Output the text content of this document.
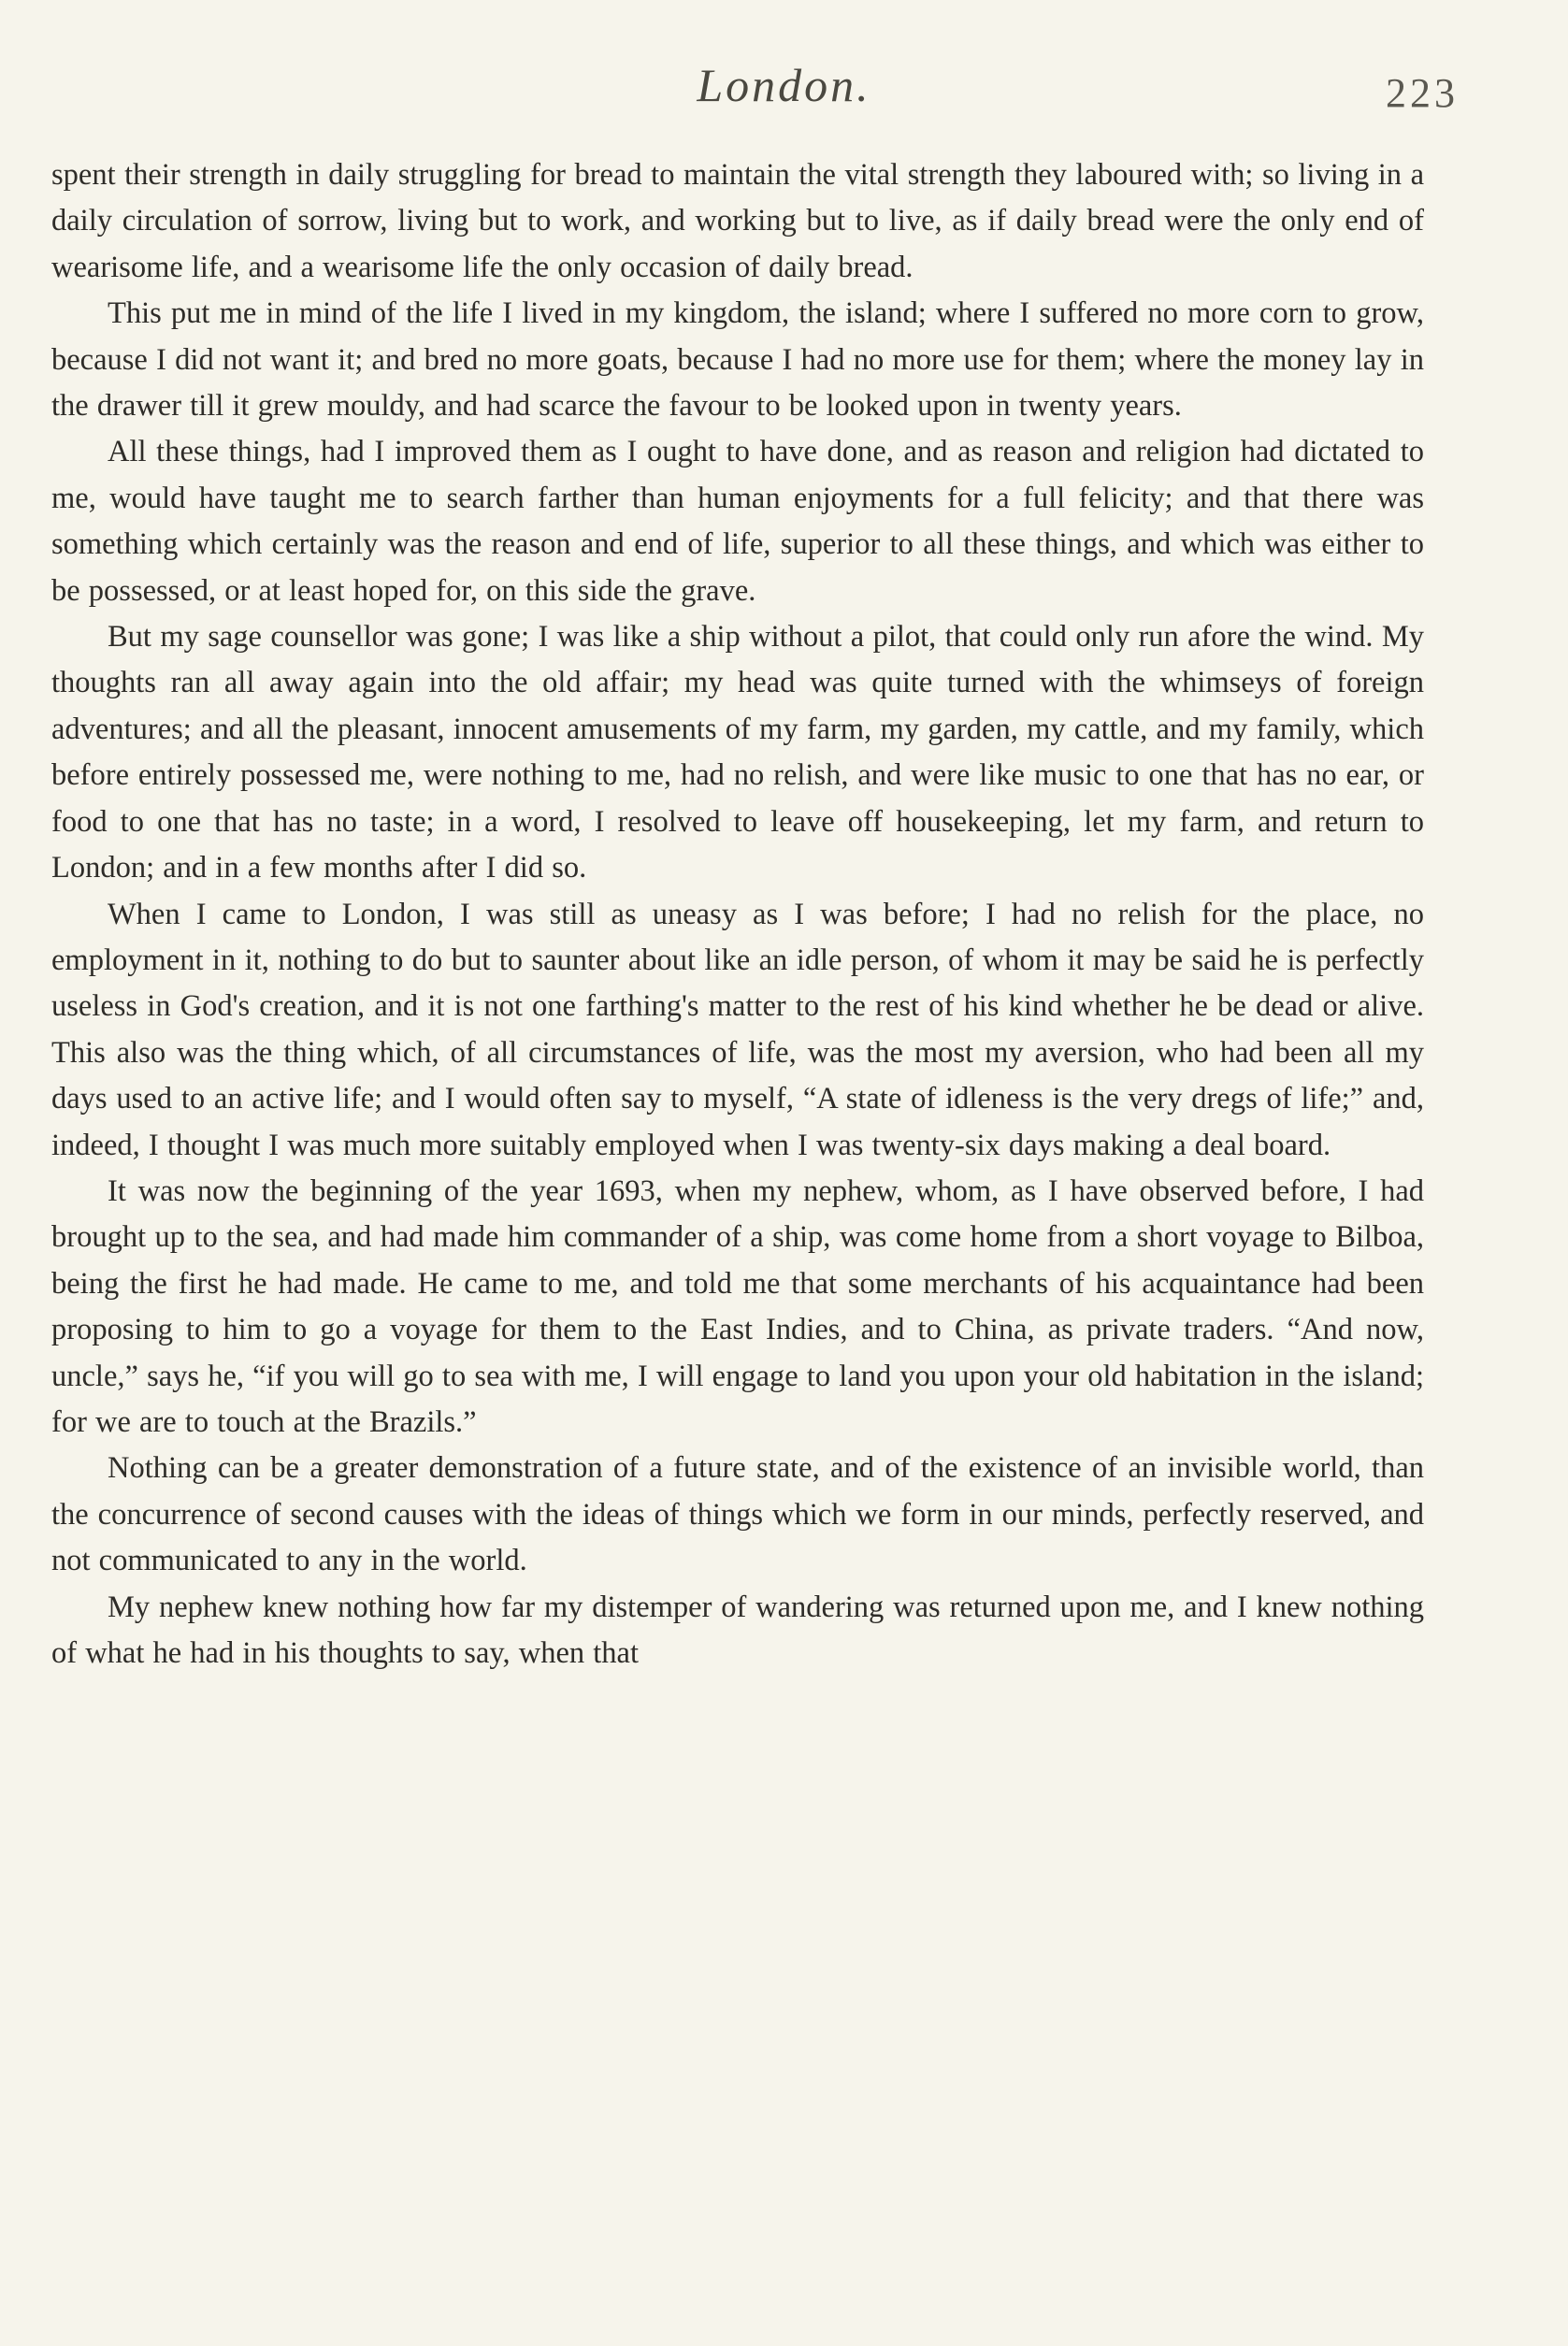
London.	223

spent their strength in daily struggling for bread to maintain the vital strength they laboured with; so living in a daily circulation of sorrow, living but to work, and working but to live, as if daily bread were the only end of wearisome life, and a wearisome life the only occasion of daily bread.

This put me in mind of the life I lived in my kingdom, the island; where I suffered no more corn to grow, because I did not want it; and bred no more goats, because I had no more use for them; where the money lay in the drawer till it grew mouldy, and had scarce the favour to be looked upon in twenty years.

All these things, had I improved them as I ought to have done, and as reason and religion had dictated to me, would have taught me to search farther than human enjoyments for a full felicity; and that there was something which certainly was the reason and end of life, superior to all these things, and which was either to be possessed, or at least hoped for, on this side the grave.

But my sage counsellor was gone; I was like a ship without a pilot, that could only run afore the wind. My thoughts ran all away again into the old affair; my head was quite turned with the whimseys of foreign adventures; and all the pleasant, innocent amusements of my farm, my garden, my cattle, and my family, which before entirely possessed me, were nothing to me, had no relish, and were like music to one that has no ear, or food to one that has no taste; in a word, I resolved to leave off housekeeping, let my farm, and return to London; and in a few months after I did so.

When I came to London, I was still as uneasy as I was before; I had no relish for the place, no employment in it, nothing to do but to saunter about like an idle person, of whom it may be said he is perfectly useless in God's creation, and it is not one farthing's matter to the rest of his kind whether he be dead or alive. This also was the thing which, of all circumstances of life, was the most my aversion, who had been all my days used to an active life; and I would often say to myself, “A state of idleness is the very dregs of life;” and, indeed, I thought I was much more suitably employed when I was twenty-six days making a deal board.

It was now the beginning of the year 1693, when my nephew, whom, as I have observed before, I had brought up to the sea, and had made him commander of a ship, was come home from a short voyage to Bilboa, being the first he had made. He came to me, and told me that some merchants of his acquaintance had been proposing to him to go a voyage for them to the East Indies, and to China, as private traders. “And now, uncle,” says he, “if you will go to sea with me, I will engage to land you upon your old habitation in the island; for we are to touch at the Brazils.”

Nothing can be a greater demonstration of a future state, and of the existence of an invisible world, than the concurrence of second causes with the ideas of things which we form in our minds, perfectly reserved, and not communicated to any in the world.

My nephew knew nothing how far my distemper of wandering was returned upon me, and I knew nothing of what he had in his thoughts to say, when that
